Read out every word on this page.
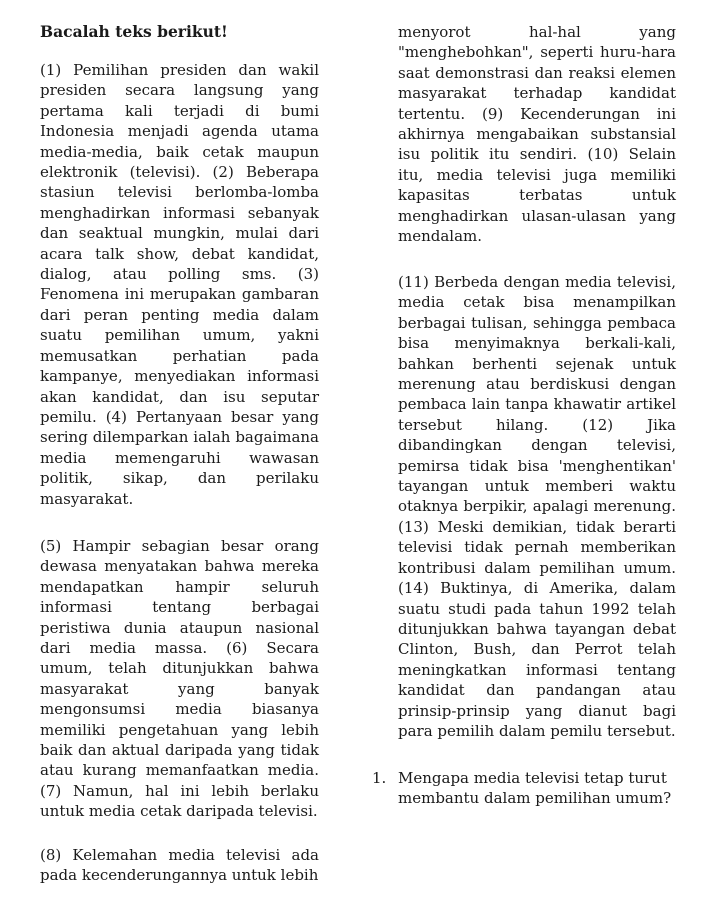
Bacalah teks berikut!

(1) Pemilihan presiden dan wakil presiden secara langsung yang pertama kali terjadi di bumi Indonesia menjadi agenda utama media-media, baik cetak maupun elektronik (televisi). (2) Beberapa stasiun televisi berlomba-lomba menghadirkan informasi sebanyak dan seaktual mungkin, mulai dari acara talk show, debat kandidat, dialog, atau polling sms. (3) Fenomena ini merupakan gambaran dari peran penting media dalam suatu pemilihan umum, yakni memusatkan perhatian pada kampanye, menyediakan informasi akan kandidat, dan isu seputar pemilu. (4) Pertanyaan besar yang sering dilemparkan ialah bagaimana media memengaruhi wawasan politik, sikap, dan perilaku masyarakat.

(5) Hampir sebagian besar orang dewasa menyatakan bahwa mereka mendapatkan hampir seluruh informasi tentang berbagai peristiwa dunia ataupun nasional dari media massa. (6) Secara umum, telah ditunjukkan bahwa masyarakat yang banyak mengonsumsi media biasanya memiliki pengetahuan yang lebih baik dan aktual daripada yang tidak atau kurang memanfaatkan media. (7) Namun, hal ini lebih berlaku untuk media cetak daripada televisi.

(8) Kelemahan media televisi ada pada kecenderungannya untuk lebih

menyorot hal-hal yang "menghebohkan", seperti huru-hara saat demonstrasi dan reaksi elemen masyarakat terhadap kandidat tertentu. (9) Kecenderungan ini akhirnya mengabaikan substansial isu politik itu sendiri. (10) Selain itu, media televisi juga memiliki kapasitas terbatas untuk menghadirkan ulasan-ulasan yang mendalam.

(11) Berbeda dengan media televisi, media cetak bisa menampilkan berbagai tulisan, sehingga pembaca bisa menyimaknya berkali-kali, bahkan berhenti sejenak untuk merenung atau berdiskusi dengan pembaca lain tanpa khawatir artikel tersebut hilang. (12) Jika dibandingkan dengan televisi, pemirsa tidak bisa 'menghentikan' tayangan untuk memberi waktu otaknya berpikir, apalagi merenung. (13) Meski demikian, tidak berarti televisi tidak pernah memberikan kontribusi dalam pemilihan umum. (14) Buktinya, di Amerika, dalam suatu studi pada tahun 1992 telah ditunjukkan bahwa tayangan debat Clinton, Bush, dan Perrot telah meningkatkan informasi tentang kandidat dan pandangan atau prinsip-prinsip yang dianut bagi para pemilih dalam pemilu tersebut.

1. Mengapa media televisi tetap turut membantu dalam pemilihan umum?
